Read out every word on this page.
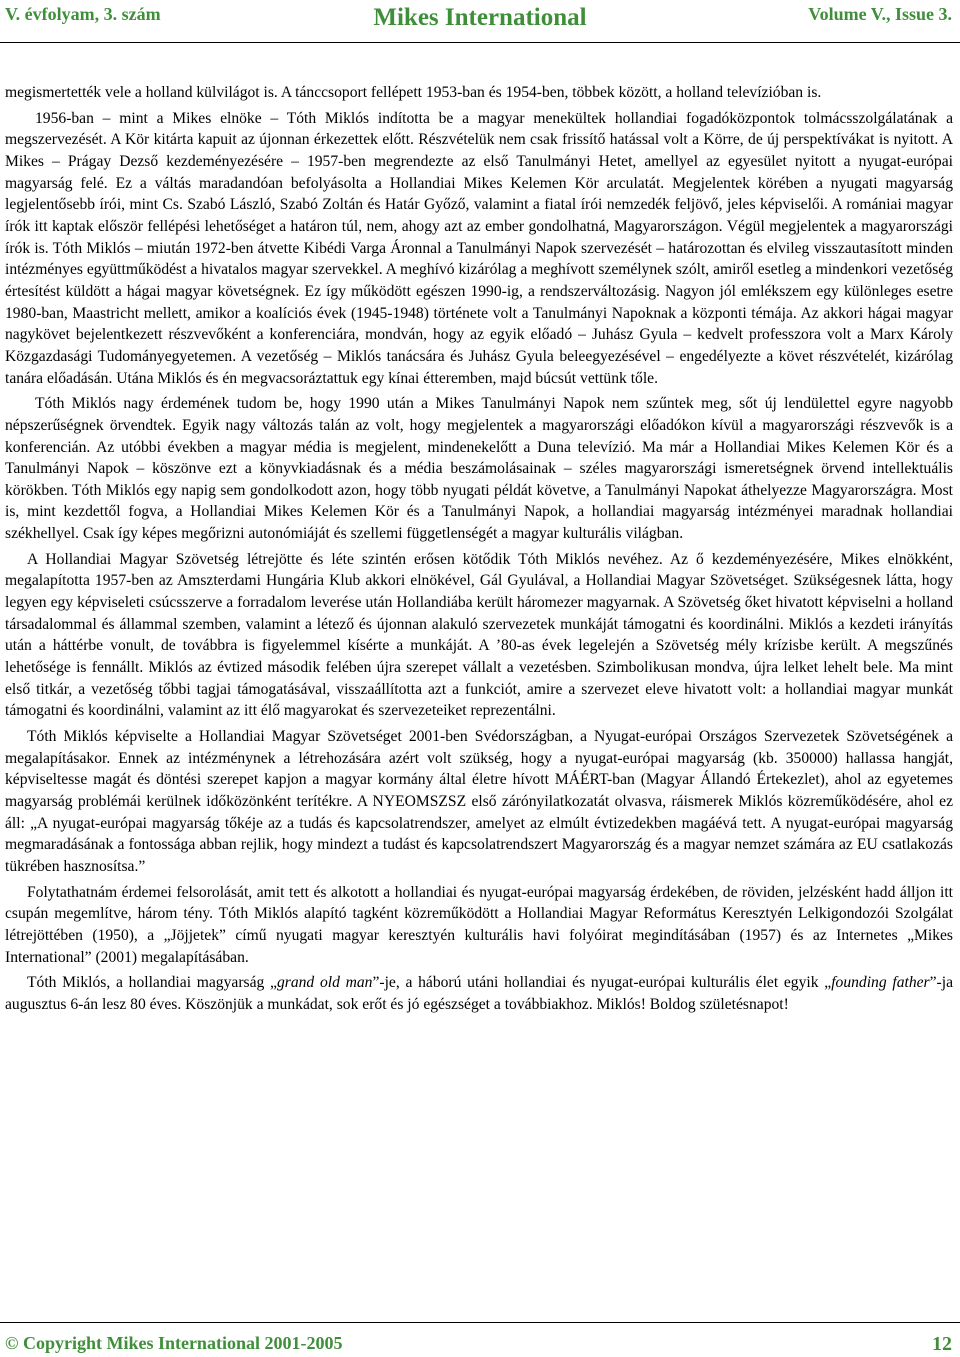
V. évfolyam, 3. szám	Mikes International	Volume V., Issue 3.

megismertették vele a holland külvilágot is. A tánccsoport fellépett 1953-ban és 1954-ben, többek között, a holland televízióban is.

1956-ban – mint a Mikes elnöke – Tóth Miklós indította be a magyar menekültek hollandiai fogadóközpontok tolmácsszolgálatának a megszervezését. A Kör kitárta kapuit az újonnan érkezettek előtt. Részvételük nem csak frissítő hatással volt a Körre, de új perspektívákat is nyitott. A Mikes – Prágay Dezső kezdeményezésére – 1957-ben megrendezte az első Tanulmányi Hetet, amellyel az egyesület nyitott a nyugat-európai magyarság felé. Ez a váltás maradandóan befolyásolta a Hollandiai Mikes Kelemen Kör arculatát. Megjelentek körében a nyugati magyarság legjelentősebb írói, mint Cs. Szabó László, Szabó Zoltán és Határ Győző, valamint a fiatal írói nemzedék feljövő, jeles képviselői. A romániai magyar írók itt kaptak először fellépési lehetőséget a határon túl, nem, ahogy azt az ember gondolhatná, Magyarországon. Végül megjelentek a magyarországi írók is. Tóth Miklós – miután 1972-ben átvette Kibédi Varga Áronnal a Tanulmányi Napok szervezését – határozottan és elvileg visszautasított minden intézményes együttműködést a hivatalos magyar szervekkel. A meghívó kizárólag a meghívott személynek szólt, amiről esetleg a mindenkori vezetőség értesítést küldött a hágai magyar követségnek. Ez így működött egészen 1990-ig, a rendszerváltozásig. Nagyon jól emlékszem egy különleges esetre 1980-ban, Maastricht mellett, amikor a koalíciós évek (1945-1948) története volt a Tanulmányi Napoknak a központi témája. Az akkori hágai magyar nagykövet bejelentkezett részvevőként a konferenciára, mondván, hogy az egyik előadó – Juhász Gyula – kedvelt professzora volt a Marx Károly Közgazdasági Tudományegyetemen. A vezetőség – Miklós tanácsára és Juhász Gyula beleegyezésével – engedélyezte a követ részvételét, kizárólag tanára előadásán. Utána Miklós és én megvacsoráztattuk egy kínai étteremben, majd búcsút vettünk tőle.

Tóth Miklós nagy érdemének tudom be, hogy 1990 után a Mikes Tanulmányi Napok nem szűntek meg, sőt új lendülettel egyre nagyobb népszerűségnek örvendtek. Egyik nagy változás talán az volt, hogy megjelentek a magyarországi előadókon kívül a magyarországi részvevők is a konferencián. Az utóbbi években a magyar média is megjelent, mindenekelőtt a Duna televízió. Ma már a Hollandiai Mikes Kelemen Kör és a Tanulmányi Napok – köszönve ezt a könyvkiadásnak és a média beszámolásainak – széles magyarországi ismeretségnek örvend intellektuális körökben. Tóth Miklós egy napig sem gondolkodott azon, hogy több nyugati példát követve, a Tanulmányi Napokat áthelyezze Magyarországra. Most is, mint kezdettől fogva, a Hollandiai Mikes Kelemen Kör és a Tanulmányi Napok, a hollandiai magyarság intézményei maradnak hollandiai székhellyel. Csak így képes megőrizni autonómiáját és szellemi függetlenségét a magyar kulturális világban.

A Hollandiai Magyar Szövetség létrejötte és léte szintén erősen kötődik Tóth Miklós nevéhez. Az ő kezdeményezésére, Mikes elnökként, megalapította 1957-ben az Amszterdami Hungária Klub akkori elnökével, Gál Gyulával, a Hollandiai Magyar Szövetséget. Szükségesnek látta, hogy legyen egy képviseleti csúcsszerve a forradalom leverése után Hollandiába került háromezer magyarnak. A Szövetség őket hivatott képviselni a holland társadalommal és állammal szemben, valamint a létező és újonnan alakuló szervezetek munkáját támogatni és koordinálni. Miklós a kezdeti irányítás után a háttérbe vonult, de továbbra is figyelemmel kísérte a munkáját. A ’80-as évek legelején a Szövetség mély krízisbe került. A megszűnés lehetősége is fennállt. Miklós az évtized második felében újra szerepet vállalt a vezetésben. Szimbolikusan mondva, újra lelket lehelt bele. Ma mint első titkár, a vezetőség tőbbi tagjai támogatásával, visszaállította azt a funkciót, amire a szervezet eleve hivatott volt: a hollandiai magyar munkát támogatni és koordinálni, valamint az itt élő magyarokat és szervezeteiket reprezentálni.

Tóth Miklós képviselte a Hollandiai Magyar Szövetséget 2001-ben Svédországban, a Nyugat-európai Országos Szervezetek Szövetségének a megalapításakor. Ennek az intézménynek a létrehozására azért volt szükség, hogy a nyugat-európai magyarság (kb. 350000) hallassa hangját, képviseltesse magát és döntési szerepet kapjon a magyar kormány által életre hívott MÁÉRT-ban (Magyar Állandó Értekezlet), ahol az egyetemes magyarság problémái kerülnek időközönként terítékre. A NYEOMSZSZ első zárónyilatkozatát olvasva, ráismerek Miklós közreműködésére, ahol ez áll: „A nyugat-európai magyarság tőkéje az a tudás és kapcsolatrendszer, amelyet az elmúlt évtizedekben magáévá tett. A nyugat-európai magyarság megmaradásának a fontossága abban rejlik, hogy mindezt a tudást és kapcsolatrendszert Magyarország és a magyar nemzet számára az EU csatlakozás tükrében hasznosítsa.”

Folytathatnám érdemei felsorolását, amit tett és alkotott a hollandiai és nyugat-európai magyarság érdekében, de röviden, jelzésként hadd álljon itt csupán megemlítve, három tény. Tóth Miklós alapító tagként közreműködött a Hollandiai Magyar Református Keresztyén Lelkigondozói Szolgálat létrejöttében (1950), a „Jöjjetek” című nyugati magyar keresztyén kulturális havi folyóirat megindításában (1957) és az Internetes „Mikes International” (2001) megalapításában.

Tóth Miklós, a hollandiai magyarság „grand old man”-je, a háború utáni hollandiai és nyugat-európai kulturális élet egyik „founding father”-ja augusztus 6-án lesz 80 éves. Köszönjük a munkádat, sok erőt és jó egészséget a továbbiakhoz. Miklós! Boldog születésnapot!

© Copyright Mikes International 2001-2005	12
